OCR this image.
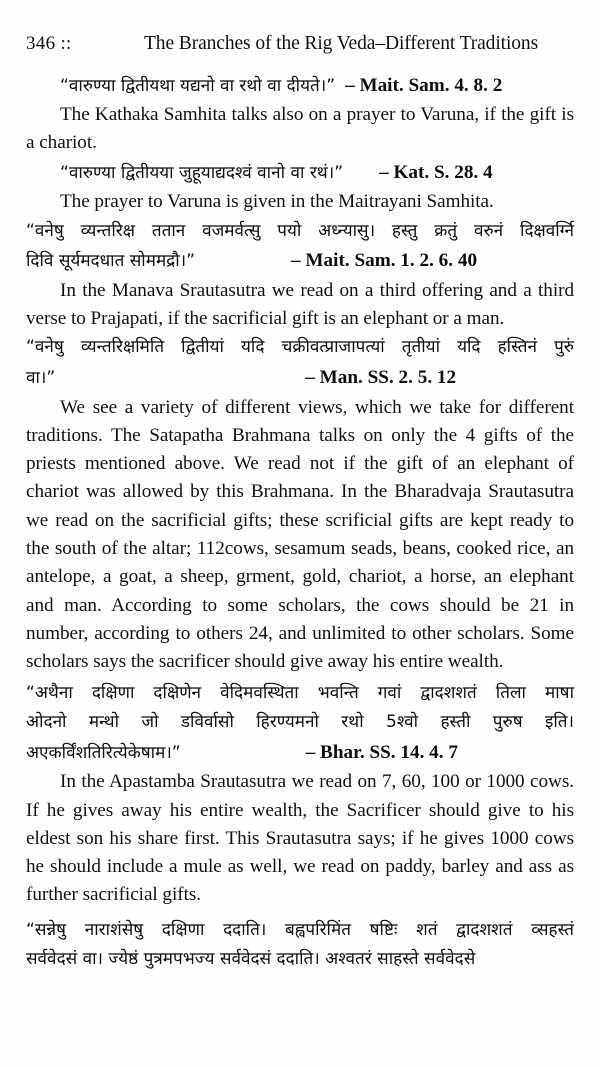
346 ::	The Branches of the Rig Veda–Different Traditions
“वारुण्या द्वितीयथा यद्यनो वा रथो वा दीयते।” – Mait. Sam. 4. 8. 2

The Kathaka Samhita talks also on a prayer to Varuna, if the gift is a chariot.

“वारुण्या द्वितीयया जुहूयाद्यदश्वं वानो वा रथं।”	– Kat. S. 28. 4

The prayer to Varuna is given in the Maitrayani Samhita.

“वनेषु व्यन्तरिक्ष ततान वजमर्वत्सु पयो अध्न्यासु। हस्तु क्रतुं वरुनं दिक्षवर्ग्नि
दिवि सूर्यमदधात सोममद्रौ।”	– Mait. Sam. 1. 2. 6. 40

In the Manava Srautasutra we read on a third offering and a third verse to Prajapati, if the sacrificial gift is an elephant or a man.

“वनेषु व्यन्तरिक्षमिति द्वितीयां यदि चक्रीवत्प्राजापत्यां तृतीयां यदि हस्तिनं पुरुं
वा।”	– Man. SS. 2. 5. 12

We see a variety of different views, which we take for different traditions. The Satapatha Brahmana talks on only the 4 gifts of the priests mentioned above. We read not if the gift of an elephant of chariot was allowed by this Brahmana. In the Bharadvaja Srautasutra we read on the sacrificial gifts; these scrificial gifts are kept ready to the south of the altar; 112cows, sesamum seads, beans, cooked rice, an antelope, a goat, a sheep, grment, gold, chariot, a horse, an elephant and man. According to some scholars, the cows should be 21 in number, according to others 24, and unlimited to other scholars. Some scholars says the sacrificer should give away his entire wealth.

“अथैना दक्षिणा दक्षिणेन वेदिमवस्थिता भवन्ति गवां द्वादशशतं तिला माषा
ओदनो मन्थो जो डविर्वासो हिरण्यमनो रथो 5श्वो हस्ती पुरुष इति।
अएकर्विंशतिरित्येकेषाम।”	– Bhar. SS. 14. 4. 7

In the Apastamba Srautasutra we read on 7, 60, 100 or 1000 cows. If he gives away his entire wealth, the Sacrificer should give to his eldest son his share first. This Srautasutra says; if he gives 1000 cows he should include a mule as well, we read on paddy, barley and ass as further sacrificial gifts.

“सन्नेषु नाराशंसेषु दक्षिणा ददाति। बह्वपरिमिंत षष्टिः शतं द्वादशशतं व्सहस्तं
सर्ववेदसं वा। ज्येष्ठं पुत्रमपभज्य सर्ववेदसं ददाति। अश्वतरं साहस्ते सर्ववेदसे
